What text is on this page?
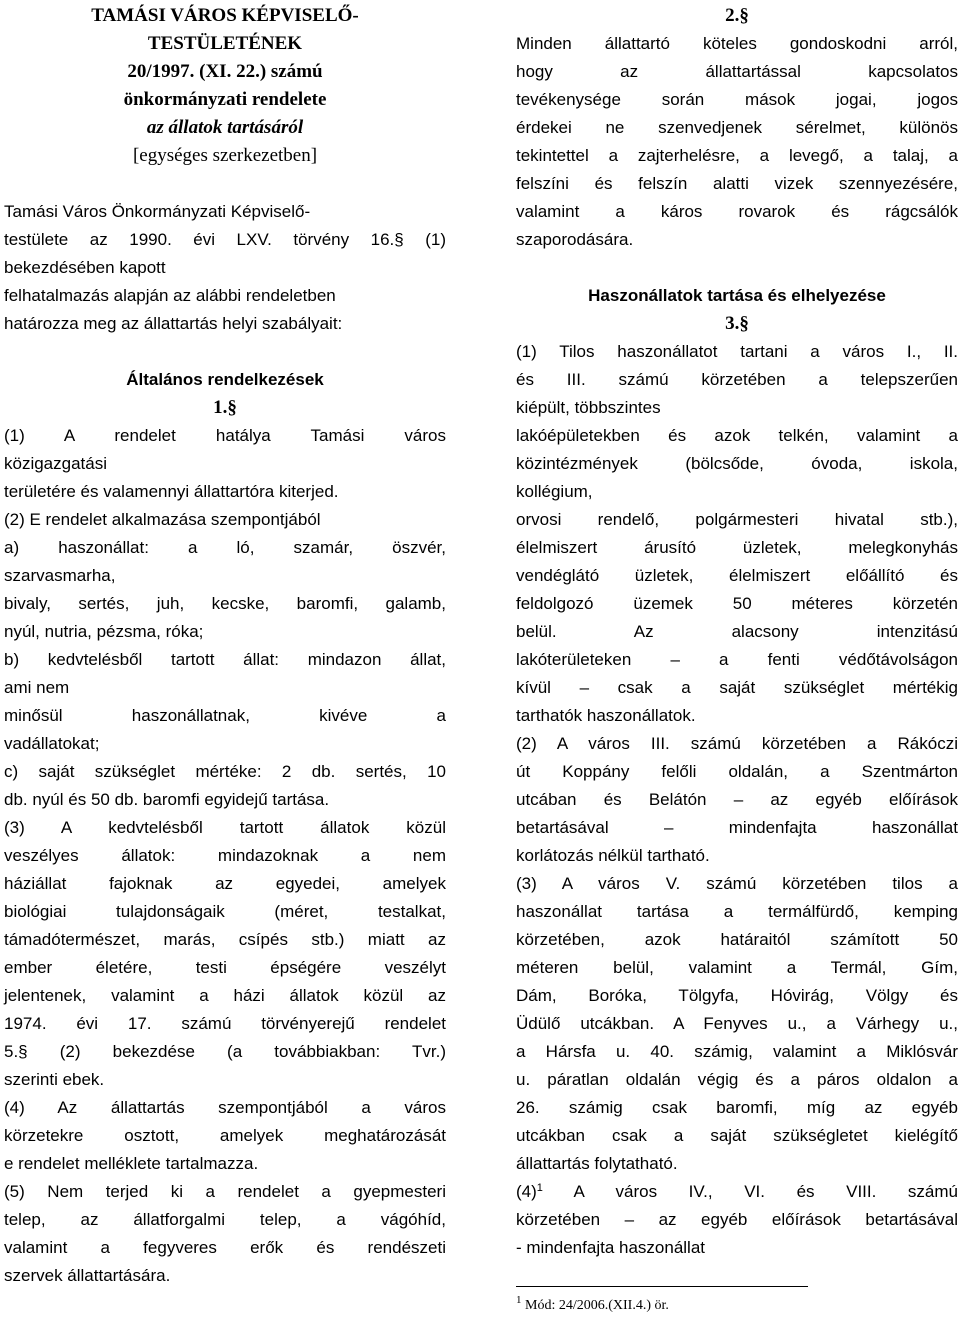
TAMÁSI VÁROS KÉPVISELŐ-
TESTÜLETÉNEK
20/1997. (XI. 22.) számú
önkormányzati rendelete
az állatok tartásáról
[egységes szerkezetben]
Tamási Város Önkormányzati Képviselő-
testülete az 1990. évi LXV. törvény 16.§ (1)
bekezdésében kapott
felhatalmazás alapján az alábbi rendeletben
határozza meg az állattartás helyi szabályait:
Általános rendelkezések
1.§
(1) A rendelet hatálya Tamási város
közigazgatási
területére és valamennyi állattartóra kiterjed.
(2) E rendelet alkalmazása szempontjából
a) haszonállat: a ló, szamár, öszvér,
szarvasmarha,
bivaly, sertés, juh, kecske, baromfi, galamb,
nyúl, nutria, pézsma, róka;
b) kedvtelésből tartott állat: mindazon állat,
ami nem
minősül haszonállatnak, kivéve a
vadállatokat;
c) saját szükséglet mértéke: 2 db. sertés, 10
db. nyúl és 50 db. baromfi egyidejű tartása.
(3) A kedvtelésből tartott állatok közül
veszélyes állatok: mindazoknak a nem
háziállat fajoknak az egyedei, amelyek
biológiai tulajdonságaik (méret, testalkat,
támadótermészet, marás, csípés stb.) miatt az
ember életére, testi épségére veszélyt
jelentenek, valamint a házi állatok közül az
1974. évi 17. számú törvényerejű rendelet
5.§ (2) bekezdése (a továbbiakban: Tvr.)
szerinti ebek.
(4) Az állattartás szempontjából a város
körzetekre osztott, amelyek meghatározását
e rendelet melléklete tartalmazza.
(5) Nem terjed ki a rendelet a gyepmesteri
telep, az állatforgalmi telep, a vágóhíd,
valamint a fegyveres erők és rendészeti
szervek állattartására.
2.§
Minden állattartó köteles gondoskodni arról,
hogy az állattartással kapcsolatos
tevékenysége során mások jogai, jogos
érdekei ne szenvedjenek sérelmet, különös
tekintettel a zajterhelésre, a levegő, a talaj, a
felszíni és felszín alatti vizek szennyezésére,
valamint a káros rovarok és rágcsálók
szaporodására.
Haszonállatok tartása és elhelyezése
3.§
(1) Tilos haszonállatot tartani a város I., II.
és III. számú körzetében a telepszerűen
kiépült, többszintes
lakóépületekben és azok telkén, valamint a
közintézmények (bölcsőde, óvoda, iskola,
kollégium,
orvosi rendelő, polgármesteri hivatal stb.),
élelmiszert árusító üzletek, melegkonyhás
vendéglátó üzletek, élelmiszert előállító és
feldolgozó üzemek 50 méteres körzetén
belül. Az alacsony intenzitású
lakóterületeken – a fenti védőtávolságon
kívül – csak a saját szükséglet mértékig
tarthatók haszonállatok.
(2) A város III. számú körzetében a Rákóczi
út Koppány felőli oldalán, a Szentmárton
utcában és Belátón – az egyéb előírások
betartásával – mindenfajta haszonállat
korlátozás nélkül tartható.
(3) A város V. számú körzetében tilos a
haszonállat tartása a termálfürdő, kemping
körzetében, azok határaitól számított 50
méteren belül, valamint a Termál, Gím,
Dám, Boróka, Tölgyfa, Hóvirág, Völgy és
Üdülő utcákban. A Fenyves u., a Várhegy u.,
a Hársfa u. 40. számig, valamint a Miklósvár
u. páratlan oldalán végig és a páros oldalon a
26. számig csak baromfi, míg az egyéb
utcákban csak a saját szükségletet kielégítő
állattartás folytatható.
$(4)^1$ A város IV., VI. és VIII. számú
körzetében – az egyéb előírások betartásával
- mindenfajta haszonállat
$^1$ Mód: 24/2006.(XII.4.) ör.
